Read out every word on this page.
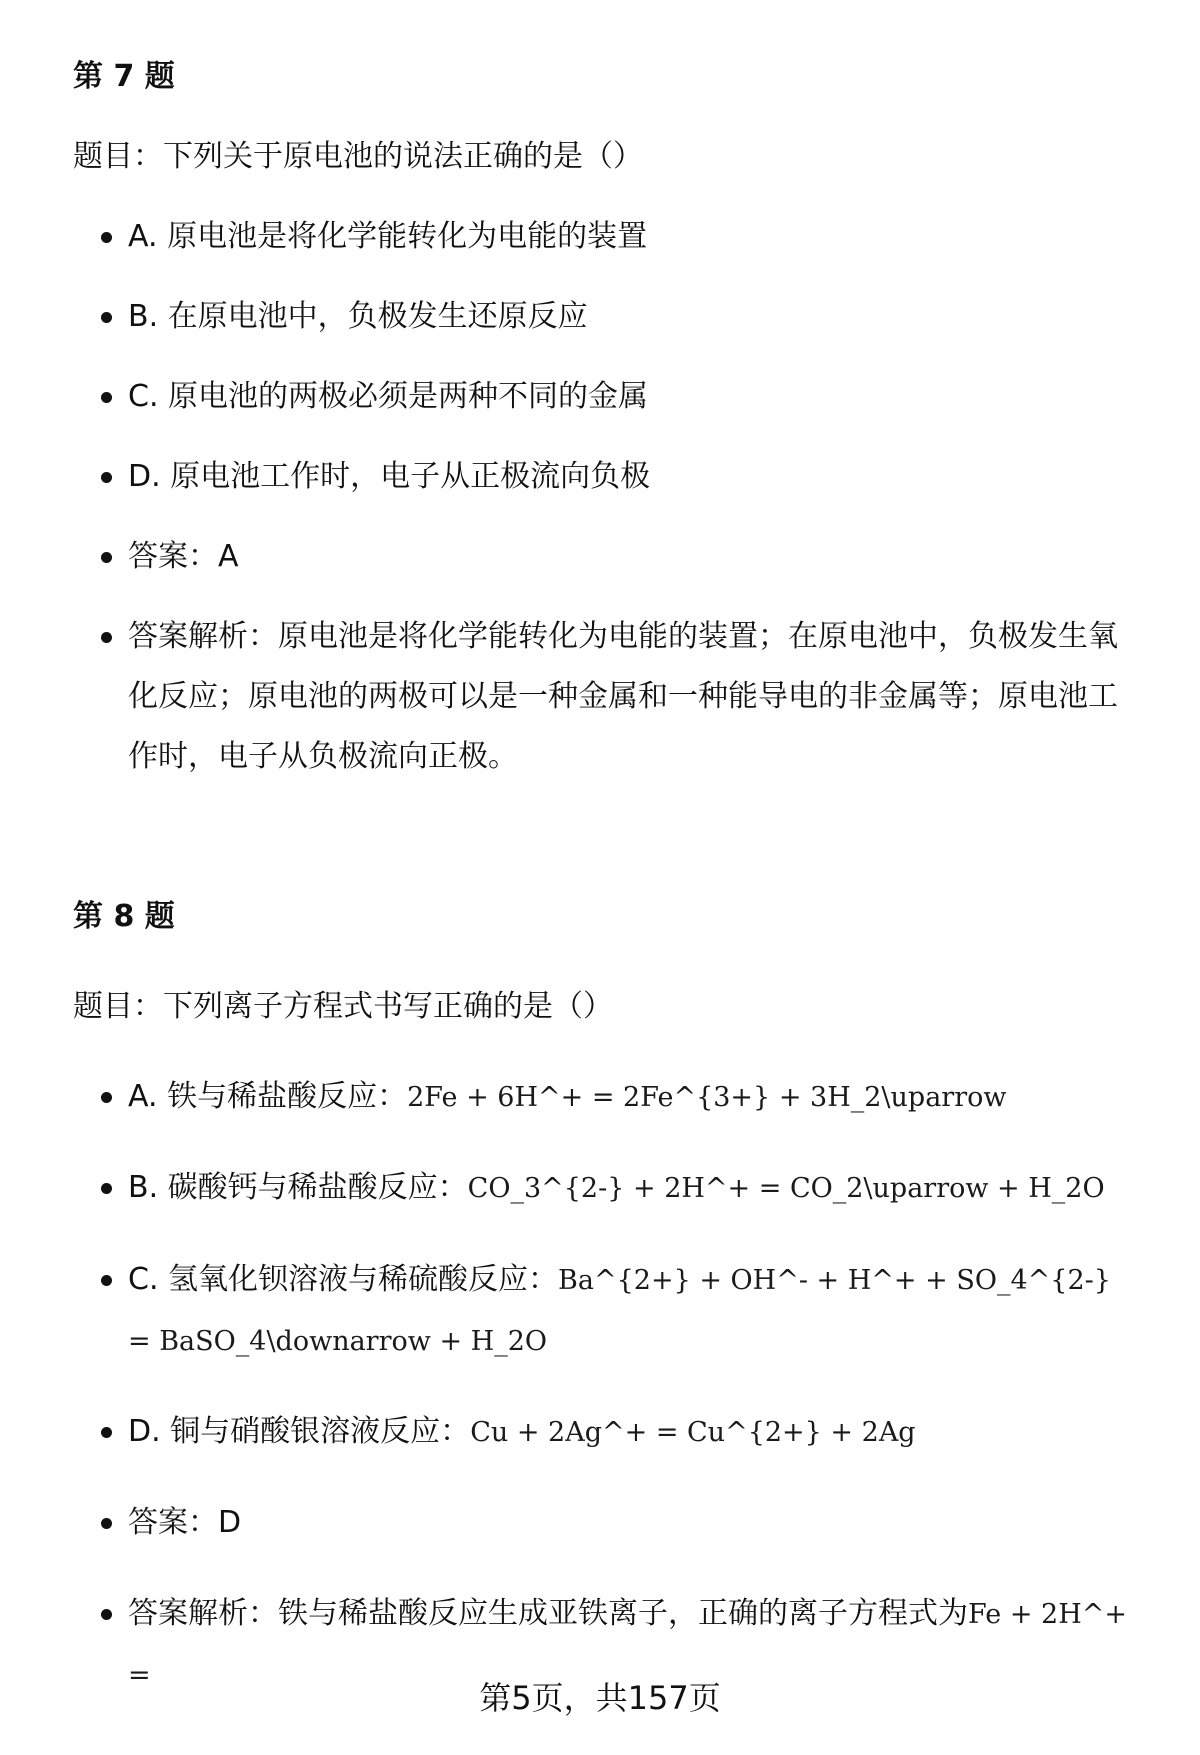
第 7 题

题目：下列关于原电池的说法正确的是（）

A. 原电池是将化学能转化为电能的装置
B. 在原电池中，负极发生还原反应
C. 原电池的两极必须是两种不同的金属
D. 原电池工作时，电子从正极流向负极
答案：A
答案解析：原电池是将化学能转化为电能的装置；在原电池中，负极发生氧化反应；原电池的两极可以是一种金属和一种能导电的非金属等；原电池工作时，电子从负极流向正极。
第 8 题

题目：下列离子方程式书写正确的是（）

A. 铁与稀盐酸反应：2Fe + 6H^+ = 2Fe^{3+} + 3H_2\uparrow
B. 碳酸钙与稀盐酸反应：CO_3^{2-} + 2H^+ = CO_2\uparrow + H_2O
C. 氢氧化钡溶液与稀硫酸反应：Ba^{2+} + OH^- + H^+ + SO_4^{2-} = BaSO_4\downarrow + H_2O
D. 铜与硝酸银溶液反应：Cu + 2Ag^+ = Cu^{2+} + 2Ag
答案：D
答案解析：铁与稀盐酸反应生成亚铁离子，正确的离子方程式为Fe + 2H^+ =
第5页，共157页
